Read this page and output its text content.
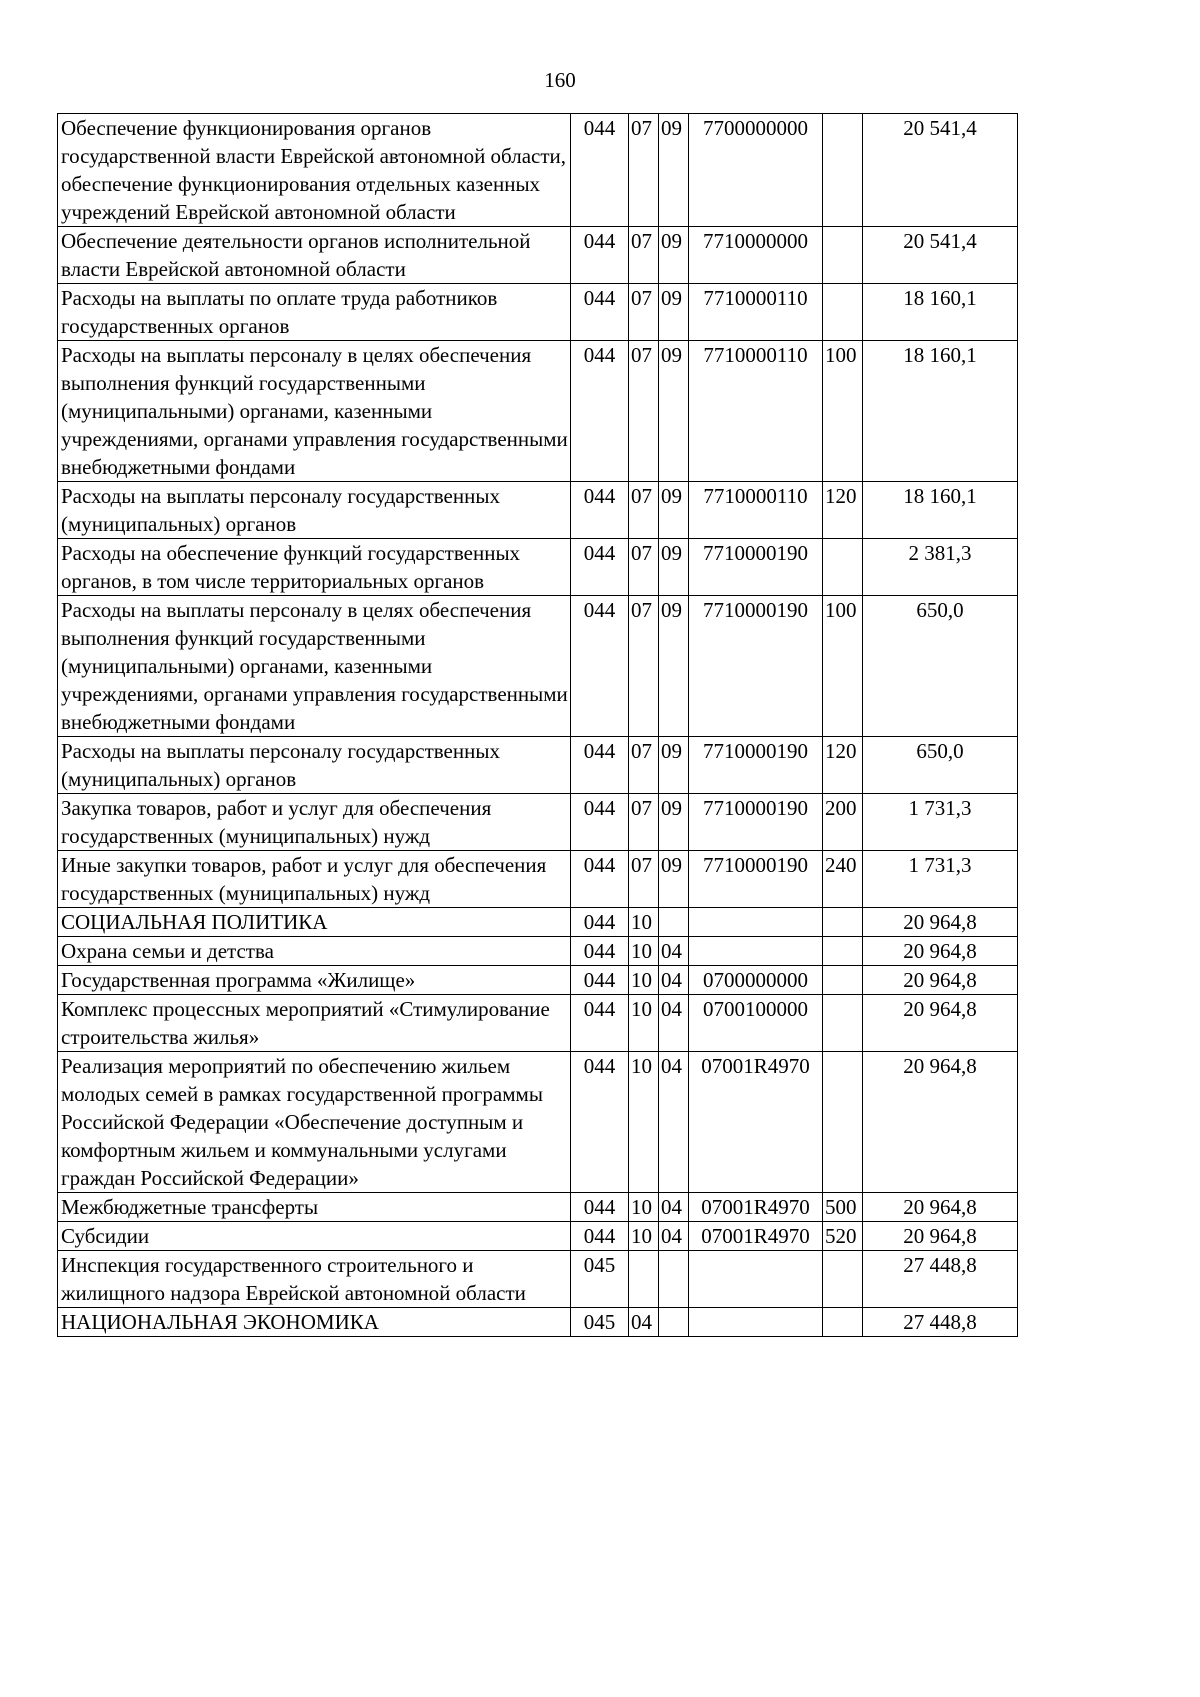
160
Обеспечение функционирования органов государственной власти Еврейской автономной области, обеспечение функционирования отдельных казенных учреждений Еврейской автономной области	044	07	09	7700000000		20 541,4
Обеспечение деятельности органов исполнительной власти Еврейской автономной области	044	07	09	7710000000		20 541,4
Расходы на выплаты по оплате труда работников государственных органов	044	07	09	7710000110		18 160,1
Расходы на выплаты персоналу в целях обеспечения выполнения функций государственными (муниципальными) органами, казенными учреждениями, органами управления государственными внебюджетными фондами	044	07	09	7710000110	100	18 160,1
Расходы на выплаты персоналу государственных (муниципальных) органов	044	07	09	7710000110	120	18 160,1
Расходы на обеспечение функций государственных органов, в том числе территориальных органов	044	07	09	7710000190		2 381,3
Расходы на выплаты персоналу в целях обеспечения выполнения функций государственными (муниципальными) органами, казенными учреждениями, органами управления государственными внебюджетными фондами	044	07	09	7710000190	100	650,0
Расходы на выплаты персоналу государственных (муниципальных) органов	044	07	09	7710000190	120	650,0
Закупка товаров, работ и услуг для обеспечения государственных (муниципальных) нужд	044	07	09	7710000190	200	1 731,3
Иные закупки товаров, работ и услуг для обеспечения государственных (муниципальных) нужд	044	07	09	7710000190	240	1 731,3
СОЦИАЛЬНАЯ ПОЛИТИКА	044	10				20 964,8
Охрана семьи и детства	044	10	04			20 964,8
Государственная программа «Жилище»	044	10	04	0700000000		20 964,8
Комплекс процессных мероприятий «Стимулирование строительства жилья»	044	10	04	0700100000		20 964,8
Реализация мероприятий по обеспечению жильем молодых семей в рамках государственной программы Российской Федерации «Обеспечение доступным и комфортным жильем и коммунальными услугами граждан Российской Федерации»	044	10	04	07001R4970		20 964,8
Межбюджетные трансферты	044	10	04	07001R4970	500	20 964,8
Субсидии	044	10	04	07001R4970	520	20 964,8
Инспекция государственного строительного и жилищного надзора Еврейской автономной области	045					27 448,8
НАЦИОНАЛЬНАЯ ЭКОНОМИКА	045	04				27 448,8
